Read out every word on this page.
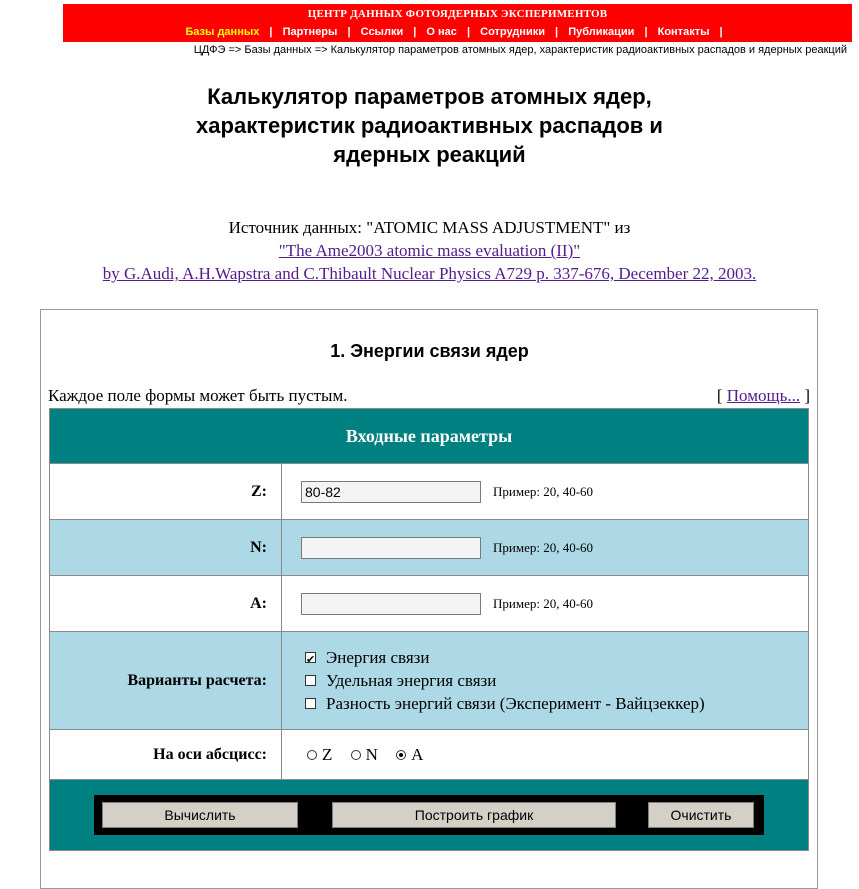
ЦЕНТР ДАННЫХ ФОТОЯДЕРНЫХ ЭКСПЕРИМЕНТОВ
Базы данных | Партнеры | Ссылки | О нас | Сотрудники | Публикации | Контакты |
ЦДФЭ => Базы данных => Калькулятор параметров атомных ядер, характеристик радиоактивных распадов и ядерных реакций
Калькулятор параметров атомных ядер,
характеристик радиоактивных распадов и
ядерных реакций
Источник данных: "ATOMIC MASS ADJUSTMENT" из
"The Ame2003 atomic mass evaluation (II)"
by G.Audi, A.H.Wapstra and C.Thibault Nuclear Physics A729 p. 337-676, December 22, 2003.
1. Энергии связи ядер
Каждое поле формы может быть пустым.	[ Помощь... ]
Входные параметры	
Z:	80-82Пример: 20, 40-60
N:	Пример: 20, 40-60
A:	Пример: 20, 40-60
Варианты расчета:	
✔
Энергия связи
Удельная энергия связи
Разность энергий связи (Эксперимент - Вайцзеккер)

На оси абсцисс:	Z
N
A

Вычислить Построить график Очистить	
